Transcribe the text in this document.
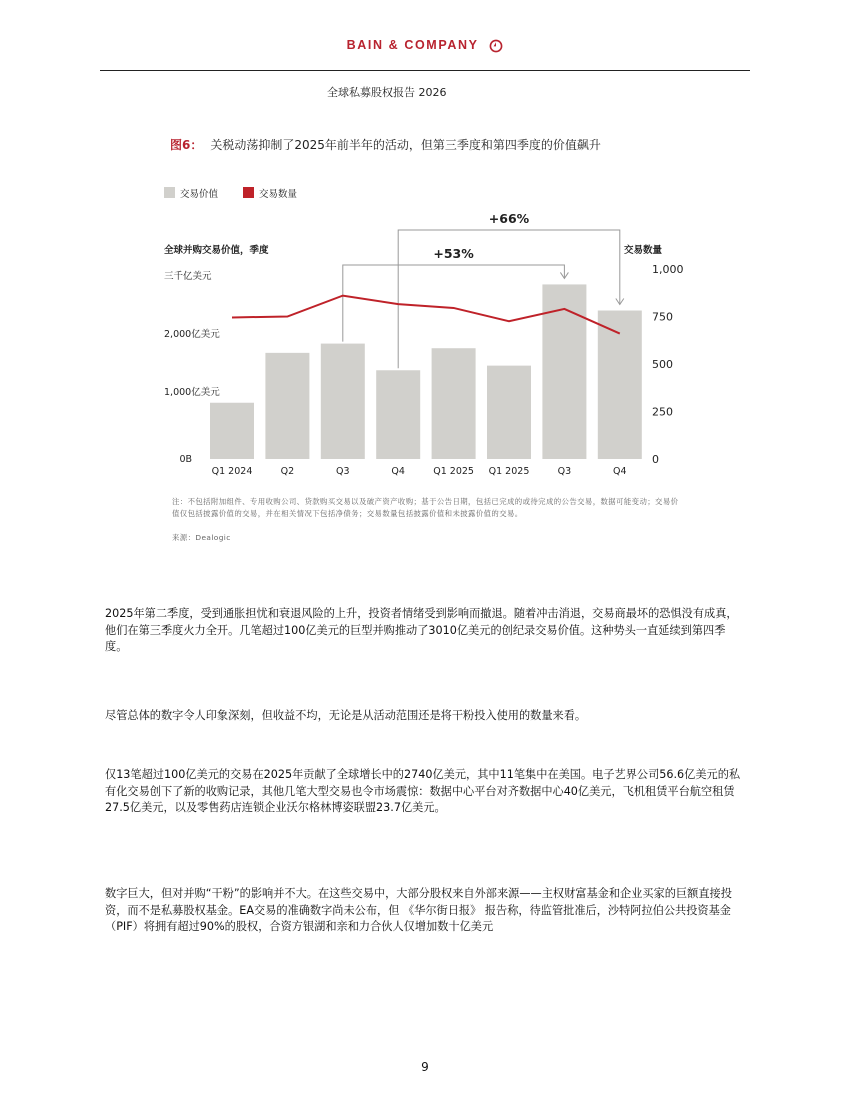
BAIN & COMPANY
全球私募股权报告 2026
图6： 关税动荡抑制了2025年前半年的活动，但第三季度和第四季度的价值飙升
交易价值	交易数量
全球并购交易价值，季度	交易数量
Q1 2024	Q2	Q3	Q4	Q1 2025 Q1 2025	Q3	Q4
0B
1,000亿美元
2,000亿美元
三千亿美元
0
250
500
750
1,000
+66%
+53%
注：不包括附加组件、专用收购公司、贷款购买交易以及破产资产收购；基于公告日期，包括已完成的或待完成的公告交易，数据可能变动；交易价值仅包括披露价值的交易，并在相关情况下包括净债务；交易数量包括披露价值和未披露价值的交易。
来源：Dealogic
2025年第二季度，受到通胀担忧和衰退风险的上升，投资者情绪受到影响而撤退。随着冲击消退，交易商最坏的恐惧没有成真，他们在第三季度火力全开。几笔超过100亿美元的巨型并购推动了3010亿美元的创纪录交易价值。这种势头一直延续到第四季度。
尽管总体的数字令人印象深刻，但收益不均，无论是从活动范围还是将干粉投入使用的数量来看。
仅13笔超过100亿美元的交易在2025年贡献了全球增长中的2740亿美元，其中11笔集中在美国。电子艺界公司56.6亿美元的私有化交易创下了新的收购记录，其他几笔大型交易也令市场震惊：数据中心平台对齐数据中心40亿美元，飞机租赁平台航空租赁27.5亿美元，以及零售药店连锁企业沃尔格林博姿联盟23.7亿美元。
数字巨大，但对并购“干粉”的影响并不大。在这些交易中，大部分股权来自外部来源——主权财富基金和企业买家的巨额直接投资，而不是私募股权基金。EA交易的准确数字尚未公布，但 《华尔街日报》 报告称，待监管批准后，沙特阿拉伯公共投资基金（PIF）将拥有超过90%的股权，合资方银湖和亲和力合伙人仅增加数十亿美元
9
